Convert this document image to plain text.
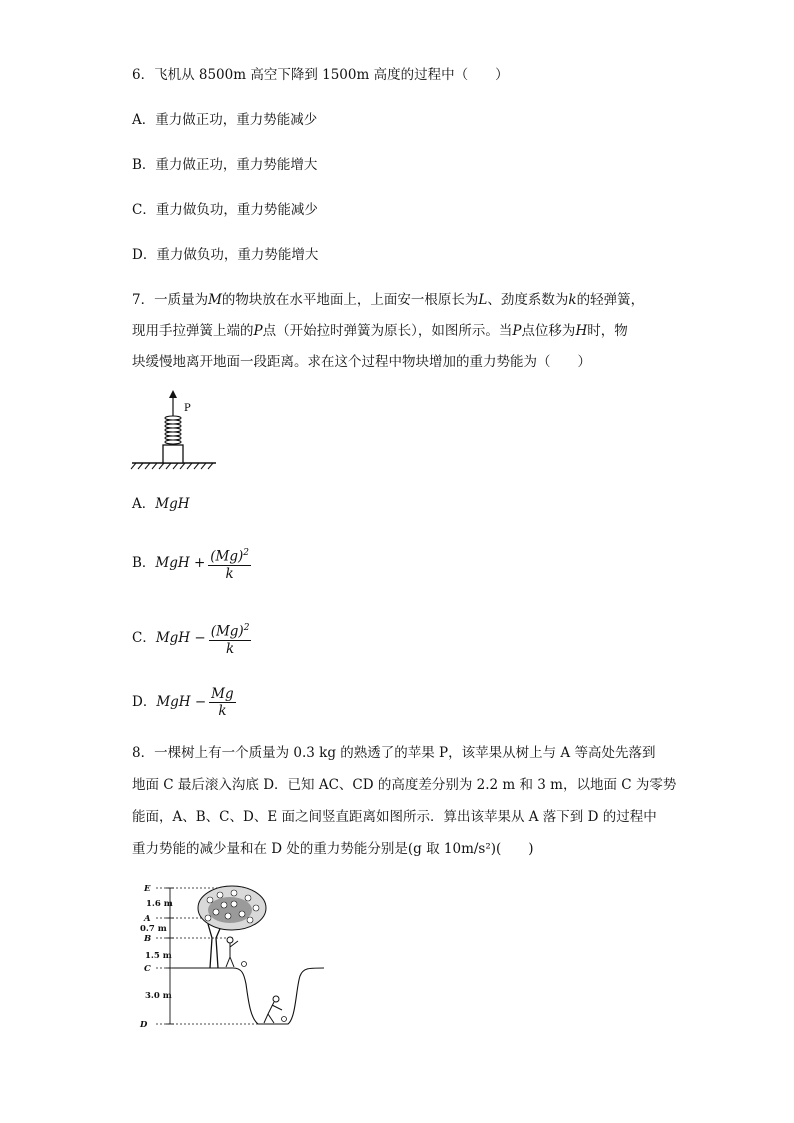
6．飞机从 8500m 高空下降到 1500m 高度的过程中（　　）
A．重力做正功，重力势能减少
B．重力做正功，重力势能增大
C．重力做负功，重力势能减少
D．重力做负功，重力势能增大
7．一质量为M的物块放在水平地面上，上面安一根原长为L、劲度系数为k的轻弹簧，
现用手拉弹簧上端的P点（开始拉时弹簧为原长），如图所示。当P点位移为H时，物
块缓慢地离开地面一段距离。求在这个过程中物块增加的重力势能为（　　）
P
A．MgH
B．MgH + $\frac{(Mg)^2}{k}$
C．MgH − $\frac{(Mg)^2}{k}$
D．MgH − $\frac{Mg}{k}$
8．一棵树上有一个质量为 0.3 kg 的熟透了的苹果 P，该苹果从树上与 A 等高处先落到
地面 C 最后滚入沟底 D．已知 AC、CD 的高度差分别为 2.2 m 和 3 m，以地面 C 为零势
能面，A、B、C、D、E 面之间竖直距离如图所示．算出该苹果从 A 落下到 D 的过程中
重力势能的减少量和在 D 处的重力势能分别是(g 取 10m/s²)(　　)
E
A
B
C
D
1.6 m
0.7 m
1.5 m
3.0 m
